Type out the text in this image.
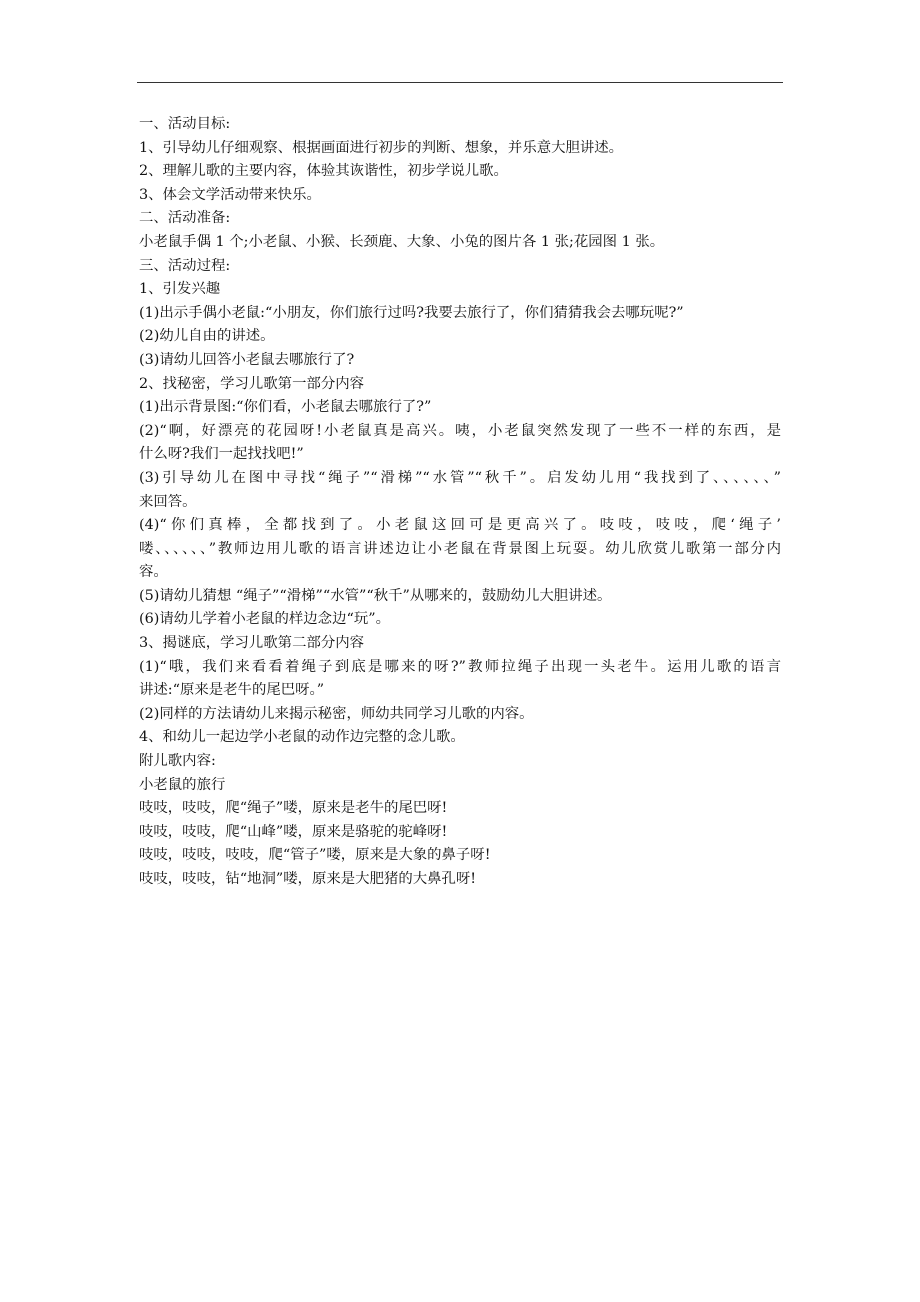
一、活动目标:
1、引导幼儿仔细观察、根据画面进行初步的判断、想象，并乐意大胆讲述。
2、理解儿歌的主要内容，体验其诙谐性，初步学说儿歌。
3、体会文学活动带来快乐。
二、活动准备:
小老鼠手偶 1 个;小老鼠、小猴、长颈鹿、大象、小兔的图片各 1 张;花园图 1 张。
三、活动过程:
1、引发兴趣
(1)出示手偶小老鼠:“小朋友，你们旅行过吗?我要去旅行了，你们猜猜我会去哪玩呢?”
(2)幼儿自由的讲述。
(3)请幼儿回答小老鼠去哪旅行了?
2、找秘密，学习儿歌第一部分内容
(1)出示背景图:“你们看，小老鼠去哪旅行了?”
(2)“啊，好漂亮的花园呀!小老鼠真是高兴。咦，小老鼠突然发现了一些不一样的东西，是
什么呀?我们一起找找吧!”
(3)引导幼儿在图中寻找“绳子”“滑梯”“水管”“秋千”。启发幼儿用“我找到了、、、、、、”
来回答。
(4)“你们真棒，全都找到了。小老鼠这回可是更高兴了。吱吱，吱吱，爬‘绳子’
喽、、、、、、”教师边用儿歌的语言讲述边让小老鼠在背景图上玩耍。幼儿欣赏儿歌第一部分内
容。
(5)请幼儿猜想 “绳子”“滑梯”“水管”“秋千”从哪来的，鼓励幼儿大胆讲述。
(6)请幼儿学着小老鼠的样边念边“玩”。
3、揭谜底，学习儿歌第二部分内容
(1)“哦，我们来看看着绳子到底是哪来的呀?”教师拉绳子出现一头老牛。运用儿歌的语言
讲述:“原来是老牛的尾巴呀。”
(2)同样的方法请幼儿来揭示秘密，师幼共同学习儿歌的内容。
4、和幼儿一起边学小老鼠的动作边完整的念儿歌。
附儿歌内容:
小老鼠的旅行
吱吱，吱吱，爬“绳子”喽，原来是老牛的尾巴呀!
吱吱，吱吱，爬“山峰”喽，原来是骆驼的驼峰呀!
吱吱，吱吱，吱吱，爬“管子”喽，原来是大象的鼻子呀!
吱吱，吱吱，钻“地洞”喽，原来是大肥猪的大鼻孔呀!
